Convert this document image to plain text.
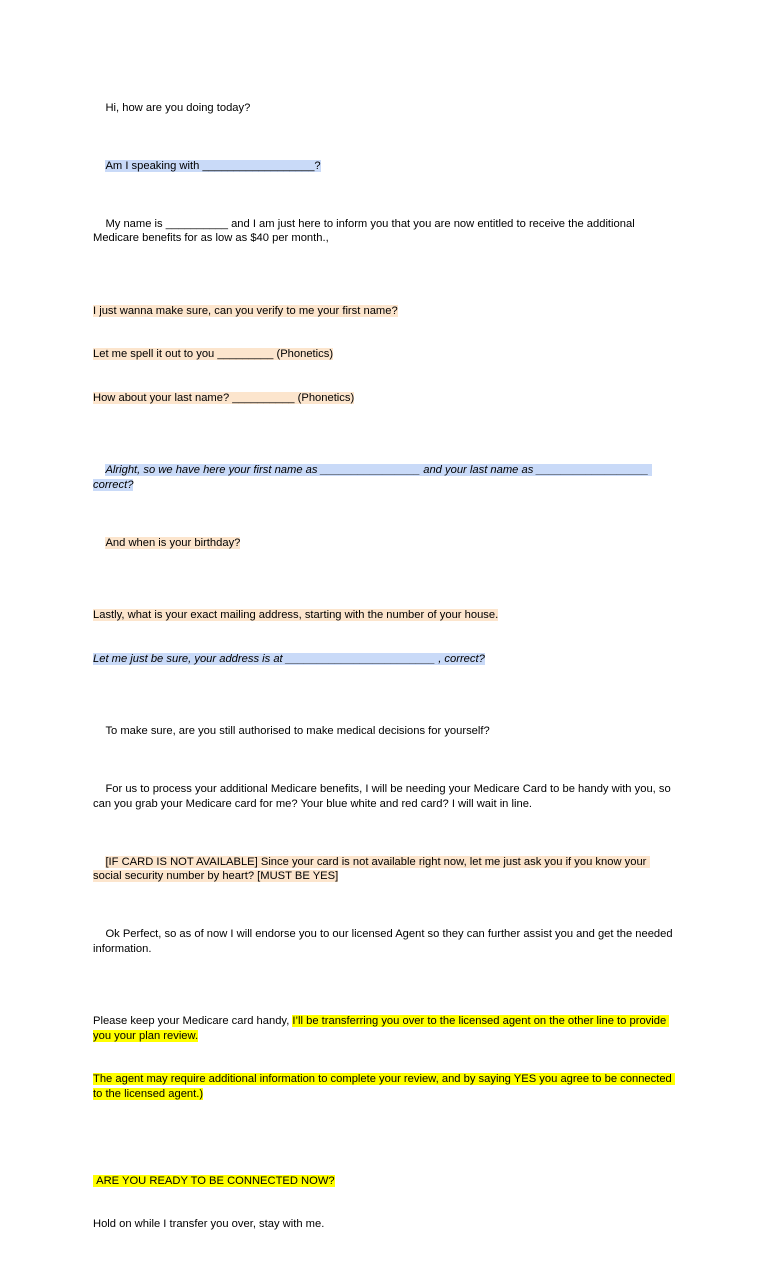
Hi, how are you doing today?

Am I speaking with __________________?

My name is __________ and I am just here to inform you that you are now entitled to receive the additional Medicare benefits for as low as $40 per month.,

I just wanna make sure, can you verify to me your first name?

Let me spell it out to you _________ (Phonetics)

How about your last name? __________ (Phonetics)

Alright, so we have here your first name as ________________ and your last name as __________________ correct?

And when is your birthday?

Lastly, what is your exact mailing address, starting with the number of your house.

Let me just be sure, your address is at ________________________ , correct?

To make sure, are you still authorised to make medical decisions for yourself?

For us to process your additional Medicare benefits, I will be needing your Medicare Card to be handy with you, so can you grab your Medicare card for me? Your blue white and red card? I will wait in line.

[IF CARD IS NOT AVAILABLE] Since your card is not available right now, let me just ask you if you know your social security number by heart? [MUST BE YES]

Ok Perfect, so as of now I will endorse you to our licensed Agent so they can further assist you and get the needed information.

Please keep your Medicare card handy, I’ll be transferring you over to the licensed agent on the other line to provide you your plan review.

The agent may require additional information to complete your review, and by saying YES you agree to be connected to the licensed agent.)

ARE YOU READY TO BE CONNECTED NOW?

Hold on while I transfer you over, stay with me.
